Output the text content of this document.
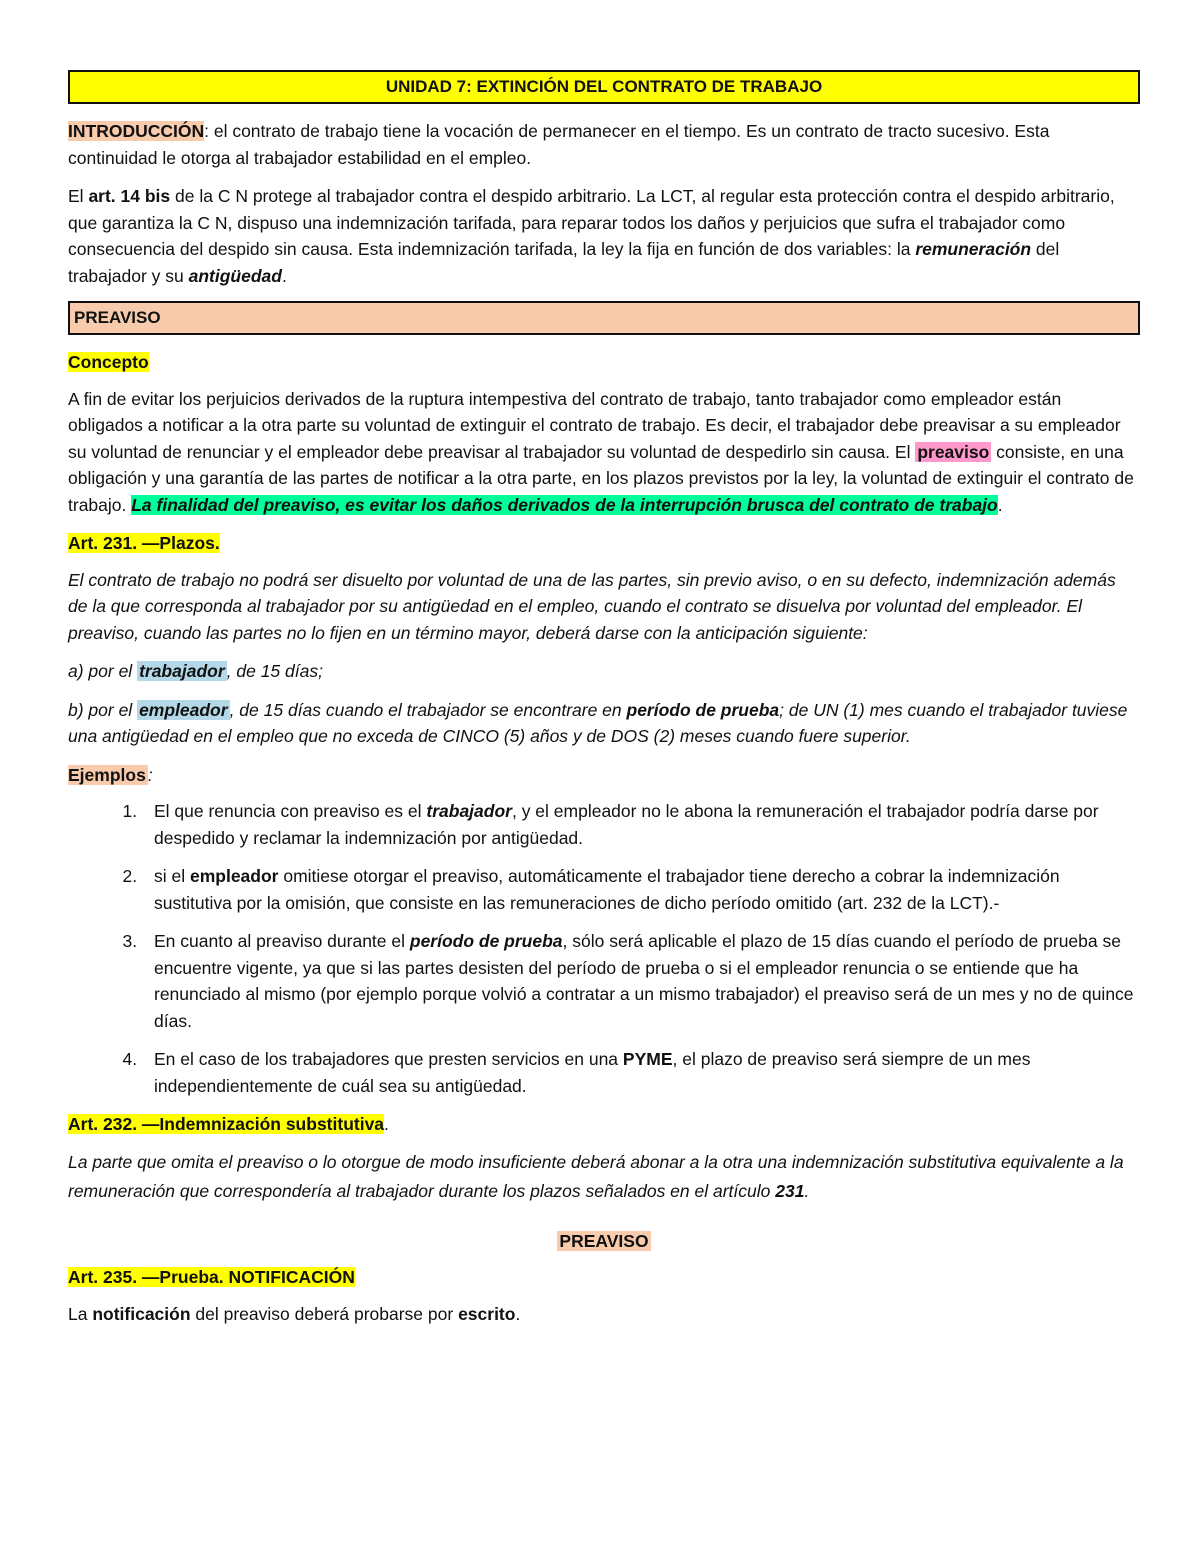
UNIDAD 7: EXTINCIÓN DEL CONTRATO DE TRABAJO

INTRODUCCIÓN: el contrato de trabajo tiene la vocación de permanecer en el tiempo. Es un contrato de tracto sucesivo. Esta continuidad le otorga al trabajador estabilidad en el empleo.

El art. 14 bis de la C N protege al trabajador contra el despido arbitrario. La LCT, al regular esta protección contra el despido arbitrario, que garantiza la C N, dispuso una indemnización tarifada, para reparar todos los daños y perjuicios que sufra el trabajador como consecuencia del despido sin causa. Esta indemnización tarifada, la ley la fija en función de dos variables: la remuneración del trabajador y su antigüedad.

PREAVISO

Concepto

A fin de evitar los perjuicios derivados de la ruptura intempestiva del contrato de trabajo, tanto trabajador como empleador están obligados a notificar a la otra parte su voluntad de extinguir el contrato de trabajo. Es decir, el trabajador debe preavisar a su empleador su voluntad de renunciar y el empleador debe preavisar al trabajador su voluntad de despedirlo sin causa. El preaviso consiste, en una obligación y una garantía de las partes de notificar a la otra parte, en los plazos previstos por la ley, la voluntad de extinguir el contrato de trabajo. La finalidad del preaviso, es evitar los daños derivados de la interrupción brusca del contrato de trabajo.

Art. 231. —Plazos.

El contrato de trabajo no podrá ser disuelto por voluntad de una de las partes, sin previo aviso, o en su defecto, indemnización además de la que corresponda al trabajador por su antigüedad en el empleo, cuando el contrato se disuelva por voluntad del empleador. El preaviso, cuando las partes no lo fijen en un término mayor, deberá darse con la anticipación siguiente:

a) por el trabajador , de 15 días;

b) por el empleador , de 15 días cuando el trabajador se encontrare en período de prueba; de UN (1) mes cuando el trabajador tuviese una antigüedad en el empleo que no exceda de CINCO (5) años y de DOS (2) meses cuando fuere superior.

Ejemplos :

1. El que renuncia con preaviso es el trabajador, y el empleador no le abona la remuneración el trabajador podría darse por despedido y reclamar la indemnización por antigüedad.
2. si el empleador omitiese otorgar el preaviso, automáticamente el trabajador tiene derecho a cobrar la indemnización sustitutiva por la omisión, que consiste en las remuneraciones de dicho período omitido (art. 232 de la LCT).-
3. En cuanto al preaviso durante el período de prueba, sólo será aplicable el plazo de 15 días cuando el período de prueba se encuentre vigente, ya que si las partes desisten del período de prueba o si el empleador renuncia o se entiende que ha renunciado al mismo (por ejemplo porque volvió a contratar a un mismo trabajador) el preaviso será de un mes y no de quince días.
4. En el caso de los trabajadores que presten servicios en una PYME, el plazo de preaviso será siempre de un mes independientemente de cuál sea su antigüedad.

Art. 232. —Indemnización substitutiva.

La parte que omita el preaviso o lo otorgue de modo insuficiente deberá abonar a la otra una indemnización substitutiva equivalente a la remuneración que correspondería al trabajador durante los plazos señalados en el artículo 231.

PREAVISO

Art. 235. —Prueba. NOTIFICACIÓN

La notificación del preaviso deberá probarse por escrito.
